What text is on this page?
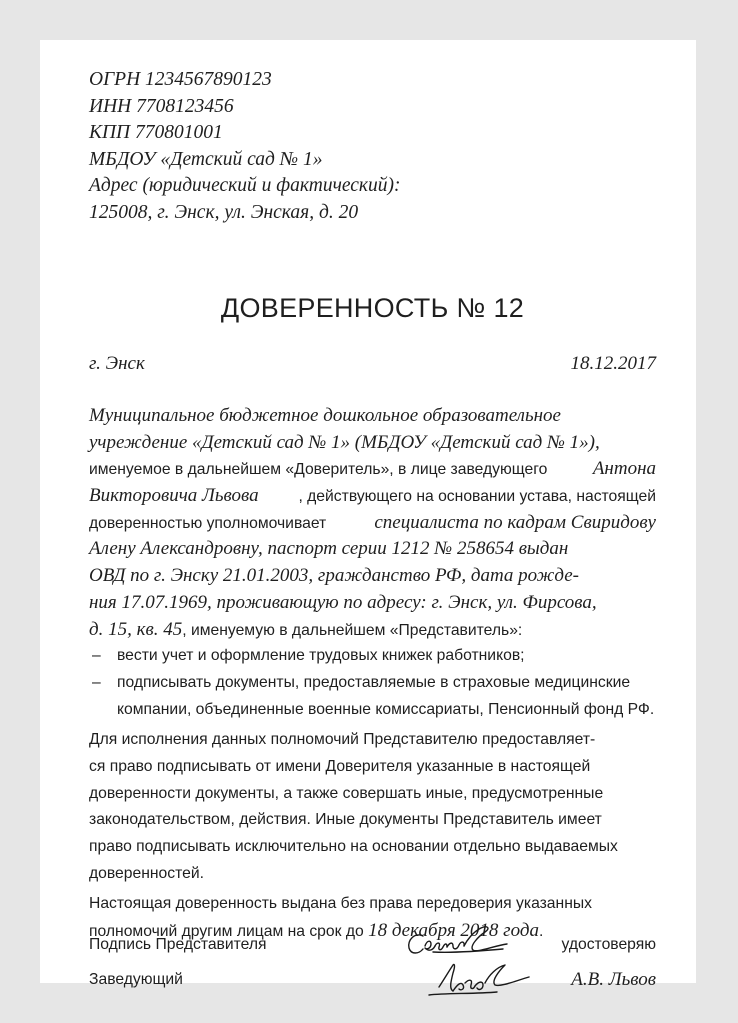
ОГРН 1234567890123
ИНН 7708123456
КПП 770801001
МБДОУ «Детский сад № 1»
Адрес (юридический и фактический):
125008, г. Энск, ул. Энская, д. 20
ДОВЕРЕННОСТЬ № 12
г. Энск	18.12.2017
Муниципальное бюджетное дошкольное образовательное
учреждение «Детский сад № 1» (МБДОУ «Детский сад № 1»),
именуемое в дальнейшем «Доверитель», в лице заведующего Антона
Викторовича Львова	, действующего на основании устава, настоящей
доверенностью уполномочивает	специалиста по кадрам Свиридову
Алену Александровну, паспорт серии 1212 № 258654 выдан
ОВД по г. Энску 21.01.2003, гражданство РФ, дата рожде-
ния 17.07.1969, проживающую по адресу: г. Энск, ул. Фирсова,
д. 15, кв. 45 , именуемую в дальнейшем «Представитель»:
– вести учет и оформление трудовых книжек работников;
– подписывать документы, предоставляемые в страховые медицинские
компании, объединенные военные комиссариаты, Пенсионный фонд РФ.
Для исполнения данных полномочий Представителю предоставляет-
ся право подписывать от имени Доверителя указанные в настоящей
доверенности документы, а также совершать иные, предусмотренные
законодательством, действия. Иные документы Представитель имеет
право подписывать исключительно на основании отдельно выдаваемых
доверенностей.
Настоящая доверенность выдана без права передоверия указанных
полномочий другим лицам на срок до
18 декабря 2018 года .
Подпись Представителя	удостоверяю
Заведующий	А.В. Львов
